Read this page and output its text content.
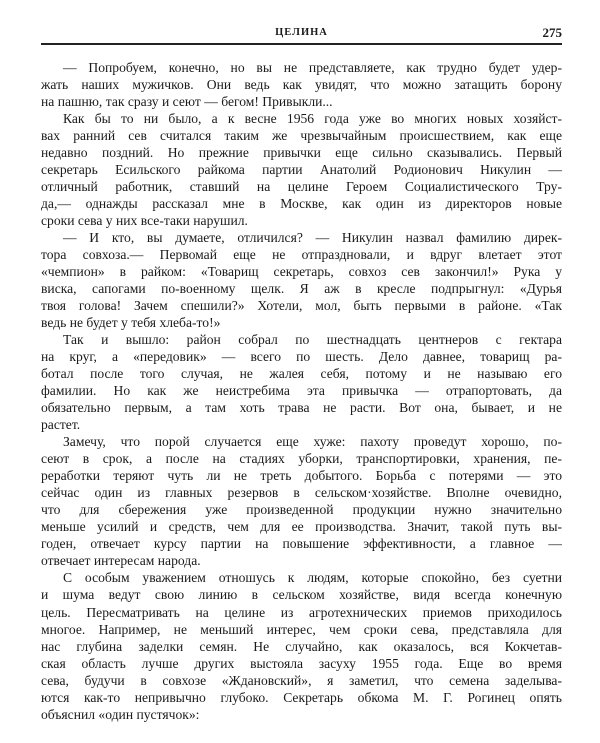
ЦЕЛИНА	275
— Попробуем, конечно, но вы не представляете, как трудно будет удер-
жать наших мужичков. Они ведь как увидят, что можно затащить борону
на пашню, так сразу и сеют — бегом! Привыкли...
Как бы то ни было, а к весне 1956 года уже во многих новых хозяйст-
вах ранний сев считался таким же чрезвычайным происшествием, как еще
недавно поздний. Но прежние привычки еще сильно сказывались. Первый
секретарь Есильского райкома партии Анатолий Родионович Никулин —
отличный работник, ставший на целине Героем Социалистического Тру-
да,— однажды рассказал мне в Москве, как один из директоров новые
сроки сева у них все-таки нарушил.
— И кто, вы думаете, отличился? — Никулин назвал фамилию дирек-
тора совхоза.— Первомай еще не отпраздновали, и вдруг влетает этот
«чемпион» в райком: «Товарищ секретарь, совхоз сев закончил!» Рука у
виска, сапогами по-военному щелк. Я аж в кресле подпрыгнул: «Дурья
твоя голова! Зачем спешили?» Хотели, мол, быть первыми в районе. «Так
ведь не будет у тебя хлеба-то!»
Так и вышло: район собрал по шестнадцать центнеров с гектара
на круг, а «передовик» — всего по шесть. Дело давнее, товарищ ра-
ботал после того случая, не жалея себя, потому и не называю его
фамилии. Но как же неистребима эта привычка — отрапортовать, да
обязательно первым, а там хоть трава не расти. Вот она, бывает, и не
растет.
Замечу, что порой случается еще хуже: пахоту проведут хорошо, по-
сеют в срок, а после на стадиях уборки, транспортировки, хранения, пе-
реработки теряют чуть ли не треть добытого. Борьба с потерями — это
сейчас один из главных резервов в сельском·хозяйстве. Вполне очевидно,
что для сбережения уже произведенной продукции нужно значительно
меньше усилий и средств, чем для ее производства. Значит, такой путь вы-
годен, отвечает курсу партии на повышение эффективности, а главное —
отвечает интересам народа.
С особым уважением отношусь к людям, которые спокойно, без суетни
и шума ведут свою линию в сельском хозяйстве, видя всегда конечную
цель. Пересматривать на целине из агротехнических приемов приходилось
многое. Например, не меньший интерес, чем сроки сева, представляла для
нас глубина заделки семян. Не случайно, как оказалось, вся Кокчетав-
ская область лучше других выстояла засуху 1955 года. Еще во время
сева, будучи в совхозе «Ждановский», я заметил, что семена заделыва-
ются как-то непривычно глубоко. Секретарь обкома М. Г. Рогинец опять
объяснил «один пустячок»:
